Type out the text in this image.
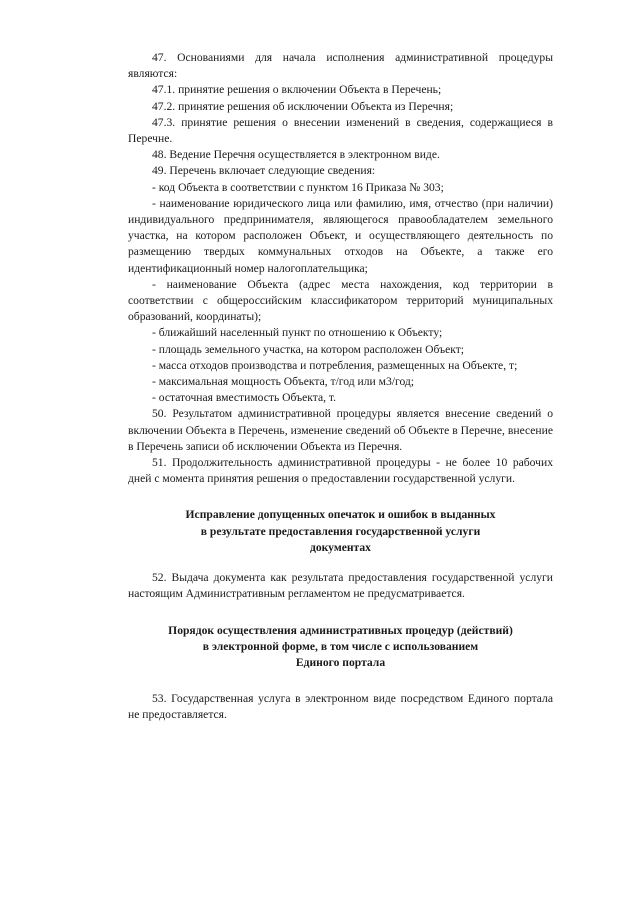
47. Основаниями для начала исполнения административной процедуры являются:

47.1. принятие решения о включении Объекта в Перечень;

47.2. принятие решения об исключении Объекта из Перечня;

47.3. принятие решения о внесении изменений в сведения, содержащиеся в Перечне.

48. Ведение Перечня осуществляется в электронном виде.

49. Перечень включает следующие сведения:

- код Объекта в соответствии с пунктом 16 Приказа № 303;

- наименование юридического лица или фамилию, имя, отчество (при наличии) индивидуального предпринимателя, являющегося правообладателем земельного участка, на котором расположен Объект, и осуществляющего деятельность по размещению твердых коммунальных отходов на Объекте, а также его идентификационный номер налогоплательщика;

- наименование Объекта (адрес места нахождения, код территории в соответствии с общероссийским классификатором территорий муниципальных образований, координаты);

- ближайший населенный пункт по отношению к Объекту;

- площадь земельного участка, на котором расположен Объект;

- масса отходов производства и потребления, размещенных на Объекте, т;

- максимальная мощность Объекта, т/год или м3/год;

- остаточная вместимость Объекта, т.

50. Результатом административной процедуры является внесение сведений о включении Объекта в Перечень, изменение сведений об Объекте в Перечне, внесение в Перечень записи об исключении Объекта из Перечня.

51. Продолжительность административной процедуры - не более 10 рабочих дней с момента принятия решения о предоставлении государственной услуги.

Исправление допущенных опечаток и ошибок в выданных

в результате предоставления государственной услуги

документах

52. Выдача документа как результата предоставления государственной услуги настоящим Административным регламентом не предусматривается.

Порядок осуществления административных процедур (действий)

в электронной форме, в том числе с использованием

Единого портала

53. Государственная услуга в электронном виде посредством Единого портала не предоставляется.
